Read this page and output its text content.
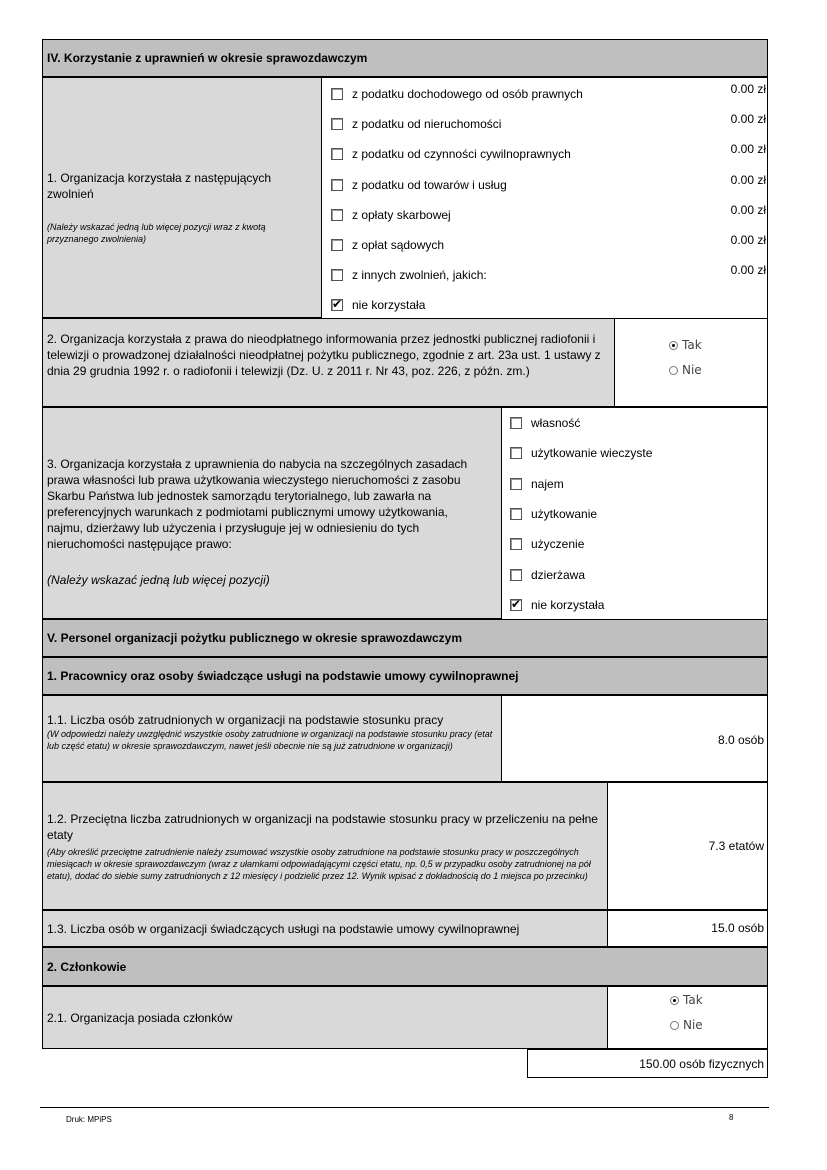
IV. Korzystanie z uprawnień w okresie sprawozdawczym
1. Organizacja korzystała z następujących zwolnień
(Należy wskazać jedną lub więcej pozycji wraz z kwotą przyznanego zwolnienia)
z podatku dochodowego od osób prawnych	0.00 zł
z podatku od nieruchomości	0.00 zł
z podatku od czynności cywilnoprawnych	0.00 zł
z podatku od towarów i usług	0.00 zł
z opłaty skarbowej	0.00 zł
z opłat sądowych	0.00 zł
z innych zwolnień, jakich:	0.00 zł
✔
nie korzystała
2. Organizacja korzystała z prawa do nieodpłatnego informowania przez jednostki publicznej radiofonii i telewizji o prowadzonej działalności nieodpłatnej pożytku publicznego, zgodnie z art. 23a ust. 1 ustawy z dnia 29 grudnia 1992 r. o radiofonii i telewizji (Dz. U. z 2011 r. Nr 43, poz. 226, z późn. zm.)
Tak
Nie
3. Organizacja korzystała z uprawnienia do nabycia na szczególnych zasadach prawa własności lub prawa użytkowania wieczystego nieruchomości z zasobu Skarbu Państwa lub jednostek samorządu terytorialnego, lub zawarła na preferencyjnych warunkach z podmiotami publicznymi umowy użytkowania, najmu, dzierżawy lub użyczenia i przysługuje jej w odniesieniu do tych nieruchomości następujące prawo:
(Należy wskazać jedną lub więcej pozycji)
własność
użytkowanie wieczyste
najem
użytkowanie
użyczenie
dzierżawa
✔
nie korzystała
V. Personel organizacji pożytku publicznego w okresie sprawozdawczym
1. Pracownicy oraz osoby świadczące usługi na podstawie umowy cywilnoprawnej
1.1. Liczba osób zatrudnionych w organizacji na podstawie stosunku pracy
(W odpowiedzi należy uwzględnić wszystkie osoby zatrudnione w organizacji na podstawie stosunku pracy (etat lub część etatu) w okresie sprawozdawczym, nawet jeśli obecnie nie są już zatrudnione w organizacji)	8.0 osób
1.2. Przeciętna liczba zatrudnionych w organizacji na podstawie stosunku pracy w przeliczeniu na pełne etaty
(Aby określić przeciętne zatrudnienie należy zsumować wszystkie osoby zatrudnione na podstawie stosunku pracy w poszczególnych miesiącach w okresie sprawozdawczym (wraz z ułamkami odpowiadającymi części etatu, np. 0,5 w przypadku osoby zatrudnionej na pół etatu), dodać do siebie sumy zatrudnionych z 12 miesięcy i podzielić przez 12. Wynik wpisać z dokładnością do 1 miejsca po przecinku)
7.3 etatów
1.3. Liczba osób w organizacji świadczących usługi na podstawie umowy cywilnoprawnej	15.0 osób
2. Członkowie
2.1. Organizacja posiada członków
Tak
Nie
150.00 osób fizycznych
Druk: MPiPS	8
